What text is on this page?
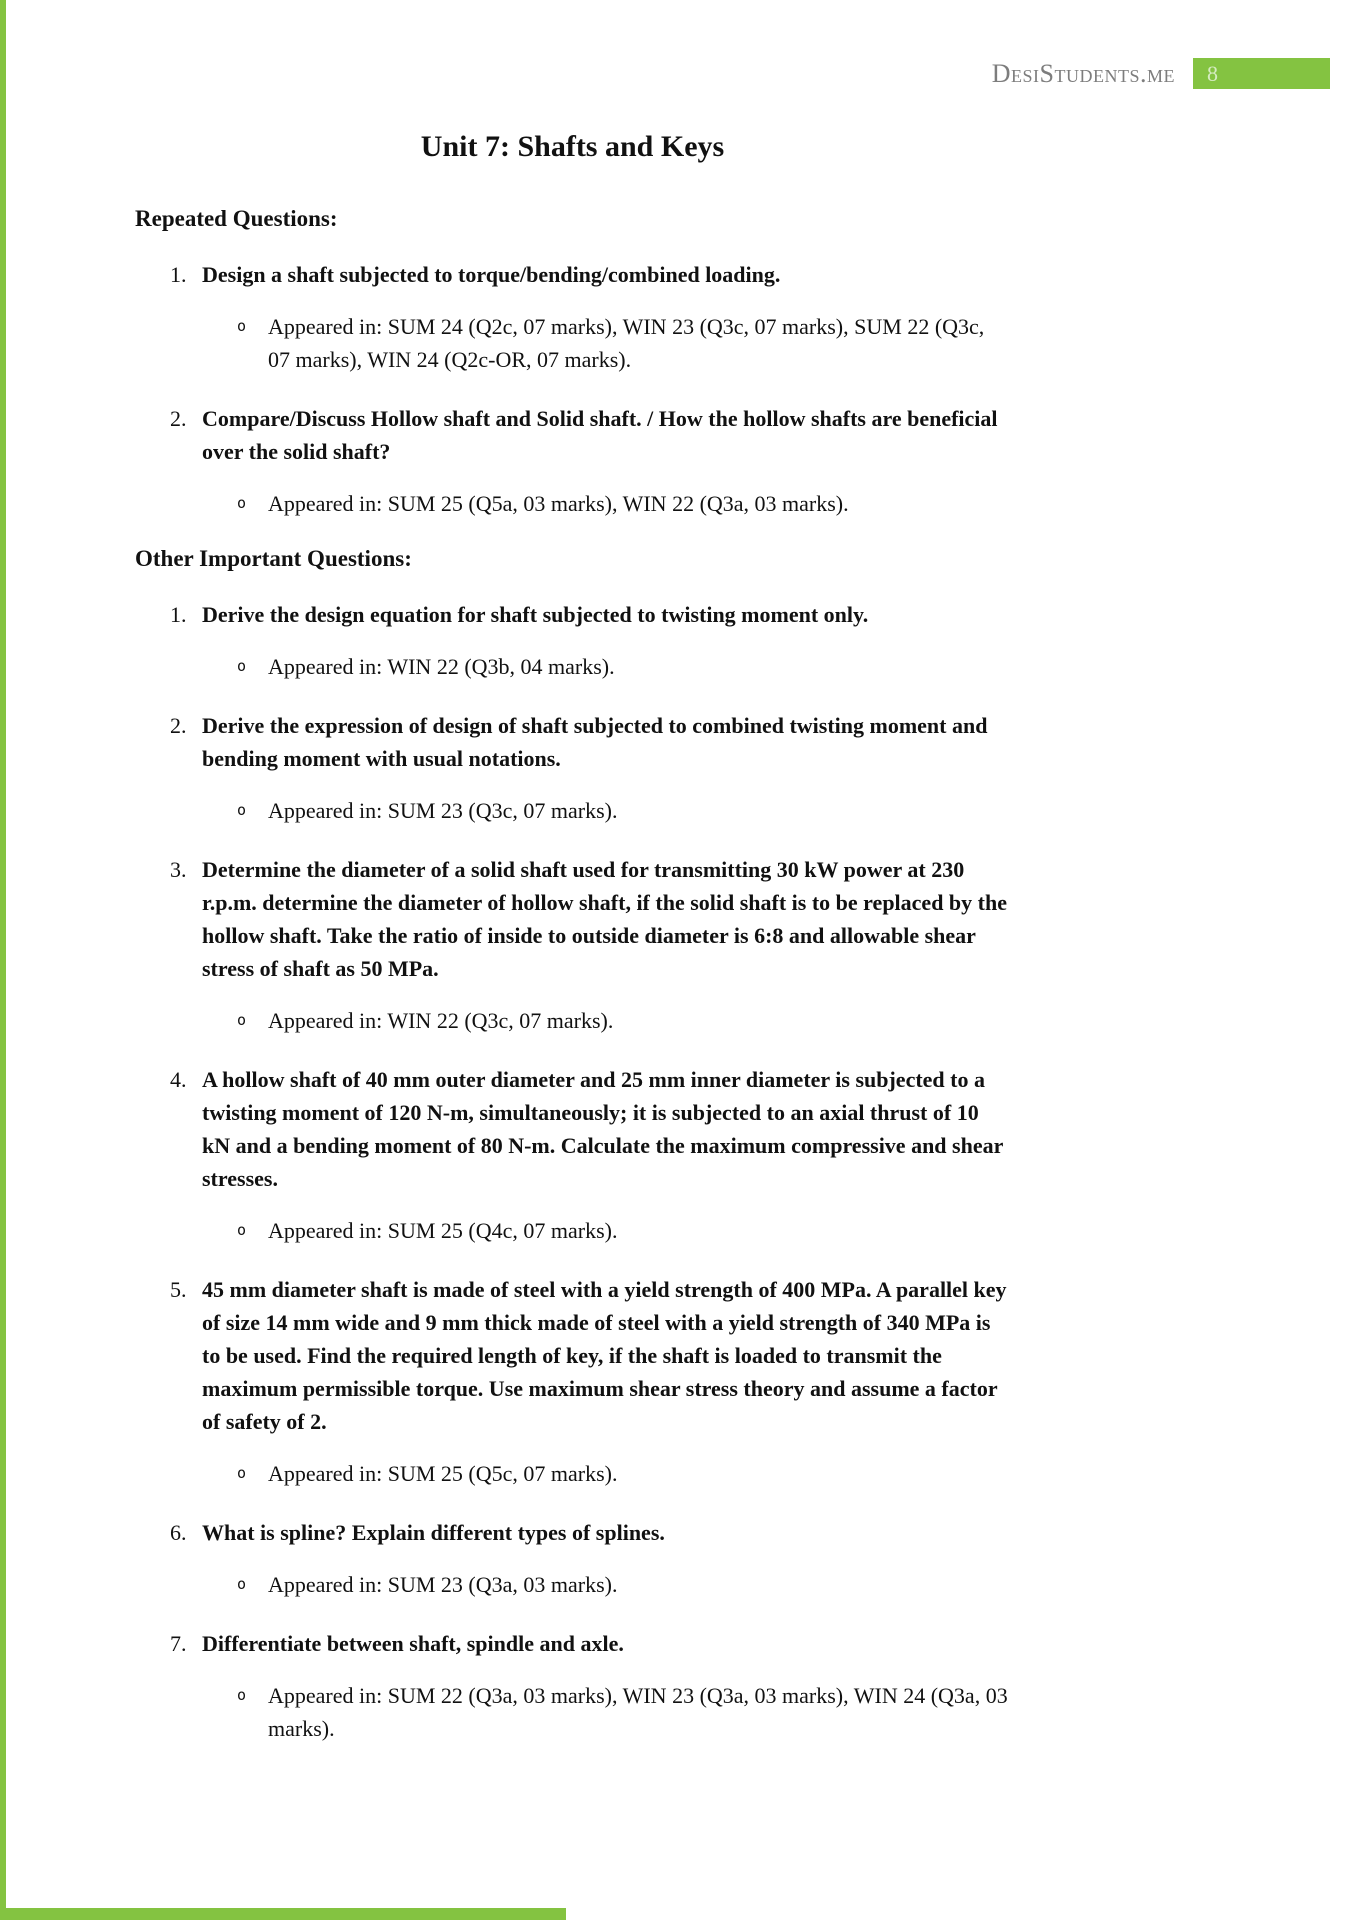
DesiStudents.me	8
Unit 7: Shafts and Keys
Repeated Questions:
1. Design a shaft subjected to torque/bending/combined loading.
o Appeared in: SUM 24 (Q2c, 07 marks), WIN 23 (Q3c, 07 marks), SUM 22 (Q3c, 07 marks), WIN 24 (Q2c-OR, 07 marks).
2. Compare/Discuss Hollow shaft and Solid shaft. / How the hollow shafts are beneficial over the solid shaft?
o Appeared in: SUM 25 (Q5a, 03 marks), WIN 22 (Q3a, 03 marks).
Other Important Questions:
1. Derive the design equation for shaft subjected to twisting moment only.
o Appeared in: WIN 22 (Q3b, 04 marks).
2. Derive the expression of design of shaft subjected to combined twisting moment and bending moment with usual notations.
o Appeared in: SUM 23 (Q3c, 07 marks).
3. Determine the diameter of a solid shaft used for transmitting 30 kW power at 230 r.p.m. determine the diameter of hollow shaft, if the solid shaft is to be replaced by the hollow shaft. Take the ratio of inside to outside diameter is 6:8 and allowable shear stress of shaft as 50 MPa.
o Appeared in: WIN 22 (Q3c, 07 marks).
4. A hollow shaft of 40 mm outer diameter and 25 mm inner diameter is subjected to a twisting moment of 120 N-m, simultaneously; it is subjected to an axial thrust of 10 kN and a bending moment of 80 N-m. Calculate the maximum compressive and shear stresses.
o Appeared in: SUM 25 (Q4c, 07 marks).
5. 45 mm diameter shaft is made of steel with a yield strength of 400 MPa. A parallel key of size 14 mm wide and 9 mm thick made of steel with a yield strength of 340 MPa is to be used. Find the required length of key, if the shaft is loaded to transmit the maximum permissible torque. Use maximum shear stress theory and assume a factor of safety of 2.
o Appeared in: SUM 25 (Q5c, 07 marks).
6. What is spline? Explain different types of splines.
o Appeared in: SUM 23 (Q3a, 03 marks).
7. Differentiate between shaft, spindle and axle.
o Appeared in: SUM 22 (Q3a, 03 marks), WIN 23 (Q3a, 03 marks), WIN 24 (Q3a, 03 marks).
